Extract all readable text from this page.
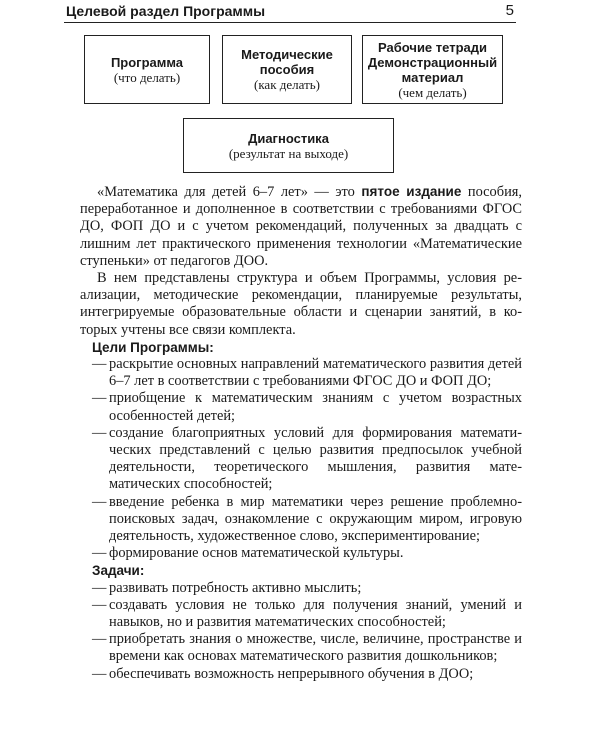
Целевой раздел Программы	5
Программа
(что делать)
Методические
пособия
(как делать)
Рабочие тетради
Демонстрационный
материал
(чем делать)
Диагностика
(результат на выходе)

«Математика для детей 6–7 лет» — это пятое издание пособия, переработанное и дополненное в соответствии с требованиями ФГОС ДО, ФОП ДО и с учетом рекомендаций, полученных за двадцать с лишним лет практического применения технологии «Математические ступеньки» от педагогов ДОО.

В нем представлены структура и объем Программы, условия реализации, методические рекомендации, планируемые результаты, интегрируемые образовательные области и сценарии занятий, в которых учтены все связи комплекта.

Цели Программы:
— раскрытие основных направлений математического развития детей 6–7 лет в соответствии с требованиями ФГОС ДО и ФОП ДО;
— приобщение к математическим знаниям с учетом возрастных особенностей детей;
— создание благоприятных условий для формирования математических представлений с целью развития предпосылок учебной деятельности, теоретического мышления, развития математических способностей;
— введение ребенка в мир математики через решение проблемнопоисковых задач, ознакомление с окружающим миром, игровую деятельность, художественное слово, экспериментирование;
— формирование основ математической культуры.
Задачи:
— развивать потребность активно мыслить;
— создавать условия не только для получения знаний, умений и навыков, но и развития математических способностей;
— приобретать знания о множестве, числе, величине, пространстве и времени как основах математического развития дошкольников;
— обеспечивать возможность непрерывного обучения в ДОО;
